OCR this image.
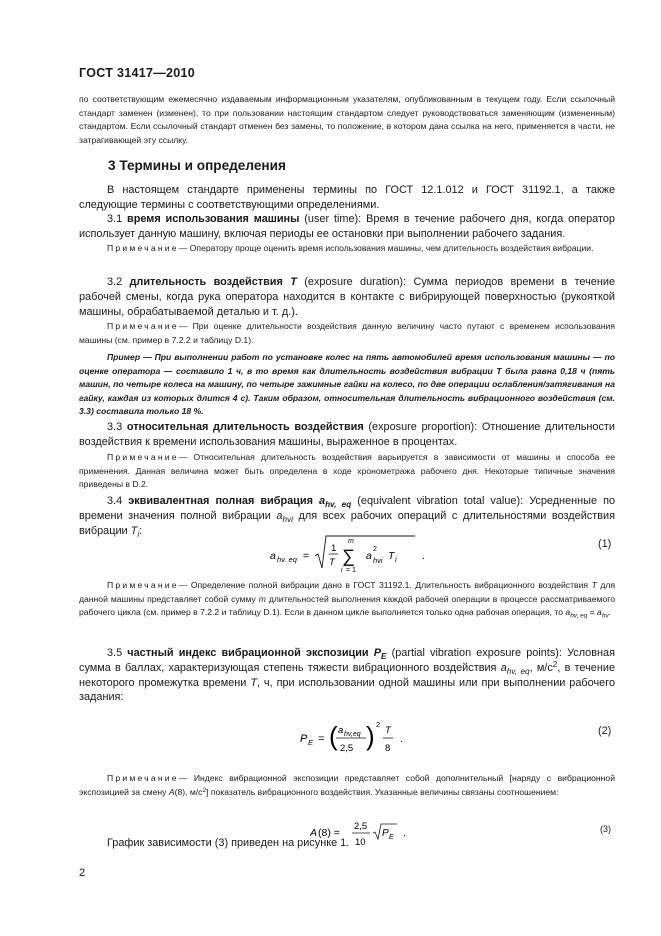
ГОСТ 31417—2010

по соответствующим ежемесячно издаваемым информационным указателям, опубликованным в текущем году. Если ссылочный стандарт заменен (изменен), то при пользовании настоящим стандартом следует руководствоваться заменяющим (измененным) стандартом. Если ссылочный стандарт отменен без замены, то положение, в котором дана ссылка на него, применяется в части, не затрагивающей эту ссылку.

3 Термины и определения

В настоящем стандарте применены термины по ГОСТ 12.1.012 и ГОСТ 31192.1, а также следующие термины с соответствующими определениями.

3.1 время использования машины (user time): Время в течение рабочего дня, когда оператор использует данную машину, включая периоды ее остановки при выполнении рабочего задания.

Примечание— Оператору проще оценить время использования машины, чем длительность воздействия вибрации.

3.2 длительность воздействия T (exposure duration): Сумма периодов времени в течение рабочей смены, когда рука оператора находится в контакте с вибрирующей поверхностью (рукояткой машины, обрабатываемой деталью и т. д.).

Примечание— При оценке длительности воздействия данную величину часто путают с временем использования машины (см. пример в 7.2.2 и таблицу D.1).

Пример — При выполнении работ по установке колес на пять автомобилей время использования машины — по оценке оператора — составило 1 ч, в то время как длительность воздействия вибрации T была равна 0,18 ч (пять машин, по четыре колеса на машину, по четыре зажимные гайки на колесо, по две операции ослабления/затягивания на гайку, каждая из которых длится 4 с). Таким образом, относительная длительность вибрационного воздействия (см. 3.3) составила только 18 %.

3.3 относительная длительность воздействия (exposure proportion): Отношение длительности воздействия к времени использования машины, выраженное в процентах.

Примечание— Относительная длительность воздействия варьируется в зависимости от машины и способа ее применения. Данная величина может быть определена в ходе хронометража рабочего дня. Некоторые типичные значения приведены в D.2.

3.4 эквивалентная полная вибрация $a_{hv, eq}$ (equivalent vibration total value): Усредненные по времени значения полной вибрации $a_{hvi}$ для всех рабочих операций с длительностями воздействия вибрации $T_i$:

a hv. eq =
1
T
m
∑
i = 1
a
2
hvi T i .
(1)

Примечание— Определение полной вибрации дано в ГОСТ 31192.1. Длительность вибрационного воздействия T для данной машины представляет собой сумму m длительностей выполнения каждой рабочей операции в процессе рассматриваемого рабочего цикла (см. пример в 7.2.2 и таблицу D.1). Если в данном цикле выполняется только одна рабочая операция, то $a_{hv, eq} = a_{hv}$.

3.5 частный индекс вибрационной экспозиции $P_E$ (partial vibration exposure points): Условная сумма в баллах, характеризующая степень тяжести вибрационного воздействия $a_{hv, eq}$, $м/с^2$, в течение некоторого промежутка времени T, ч, при использовании одной машины или при выполнении рабочего задания:

P E = ( a hv,eq
2,5 ) 2
T
8
.
(2)

Примечание— Индекс вибрационной экспозиции представляет собой дополнительный [наряду с вибрационной экспозицией за смену A(8), $м/с^2$] показатель вибрационного воздействия. Указанные величины связаны соотношением:

A (8) =
2,5
10
P E .	(3)

График зависимости (3) приведен на рисунке 1.

2
